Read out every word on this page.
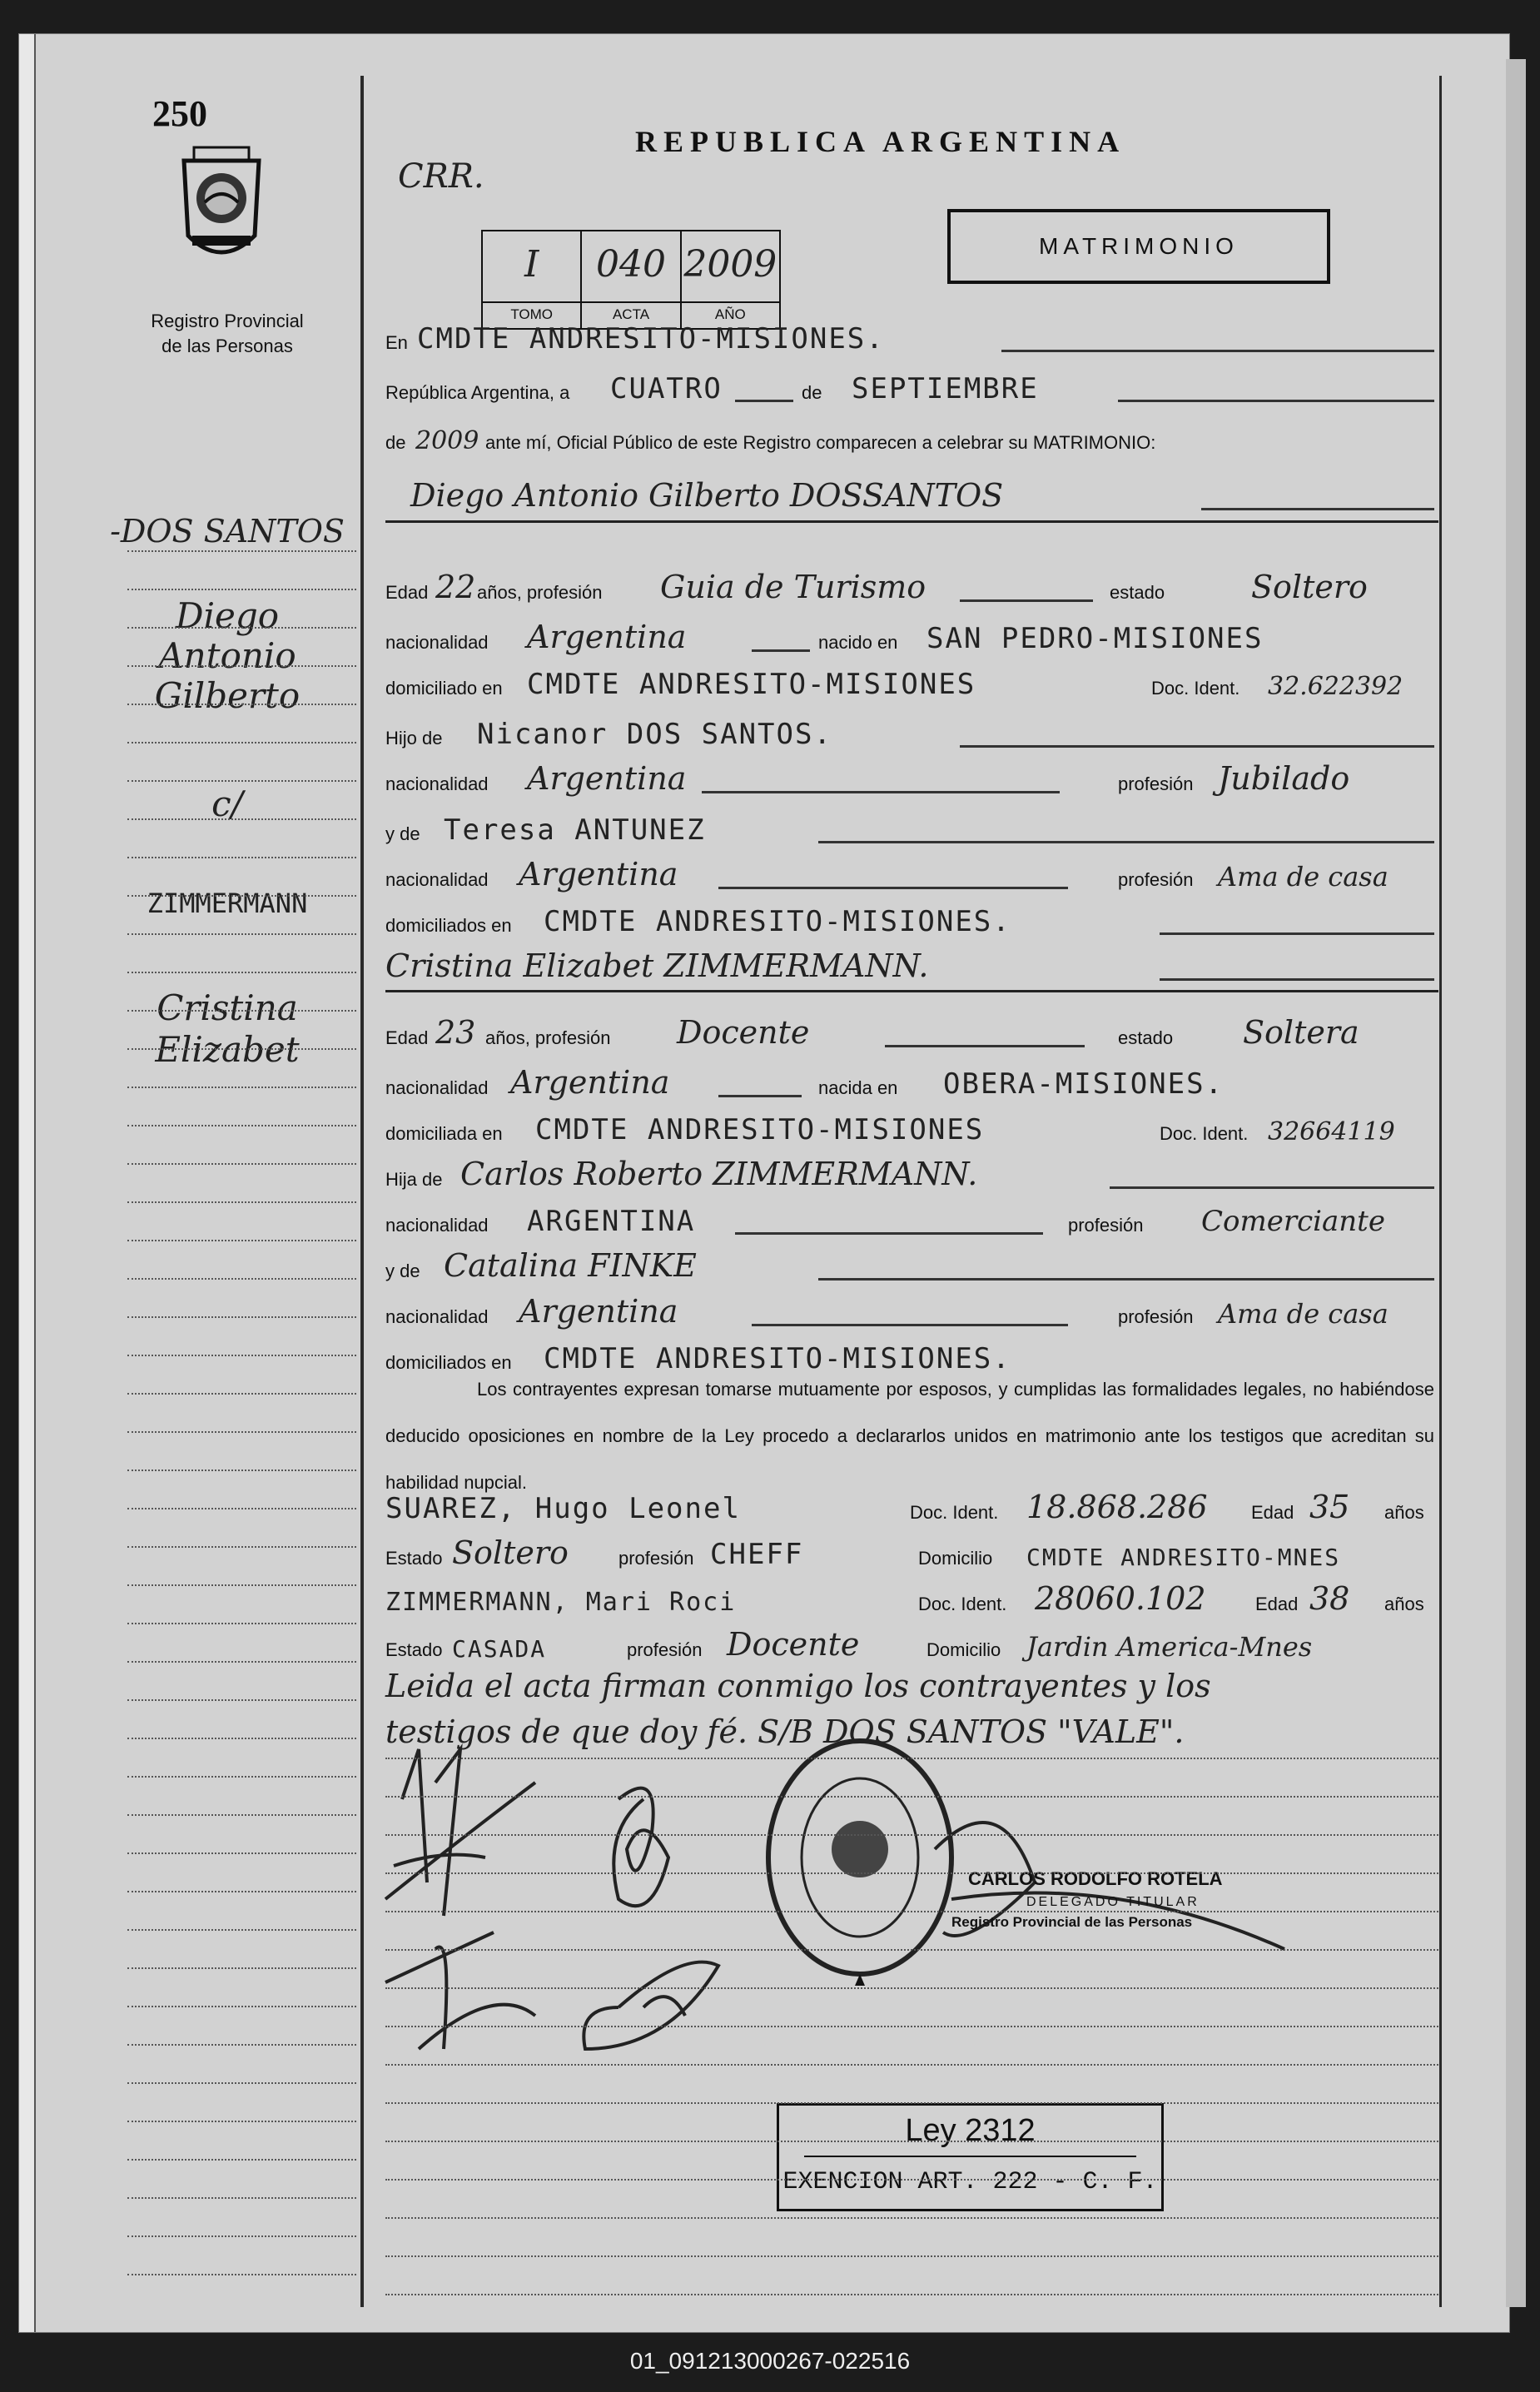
250
Registro Provincial
de las Personas
CRR.
REPUBLICA ARGENTINA
MATRIMONIO
I
TOMO
040
ACTA
2009
AÑO
En CMDTE ANDRESITO-MISIONES.
República Argentina, a CUATRO	de SEPTIEMBRE
de 2009 ante mí, Oficial Público de este Registro comparecen a celebrar su MATRIMONIO:
Diego Antonio Gilberto DOSSANTOS
Edad 22 años, profesión Guia de Turismo	estado	Soltero
nacionalidad Argentina	nacido en SAN PEDRO-MISIONES
domiciliado en CMDTE ANDRESITO-MISIONES	Doc. Ident. 32.622392
Hijo de Nicanor DOS SANTOS.
nacionalidad Argentina	profesión Jubilado
y de Teresa ANTUNEZ
nacionalidad Argentina	profesión Ama de casa
domiciliados en CMDTE ANDRESITO-MISIONES.
Cristina Elizabet ZIMMERMANN.
Edad 23 años, profesión Docente	estado Soltera
nacionalidad Argentina	nacida en OBERA-MISIONES.
domiciliada en CMDTE ANDRESITO-MISIONES	Doc. Ident. 32664119
Hija de Carlos Roberto ZIMMERMANN.
nacionalidad ARGENTINA	profesión Comerciante
y de Catalina FINKE
nacionalidad Argentina	profesión Ama de casa
domiciliados en CMDTE ANDRESITO-MISIONES.
Los contrayentes expresan tomarse mutuamente por esposos, y cumplidas las formalidades legales, no habiéndose deducido oposiciones en nombre de la Ley procedo a declararlos unidos en matrimonio ante los testigos que acreditan su habilidad nupcial.
SUAREZ, Hugo Leonel	Doc. Ident. 18.868.286 Edad 35 años
Estado Soltero	profesión CHEFF	Domicilio CMDTE ANDRESITO-MNES
ZIMMERMANN, Mari Roci	Doc. Ident. 28060.102	Edad 38 años
Estado CASADA	profesión Docente	Domicilio Jardin America-Mnes
Leida el acta firman conmigo los contrayentes y los
testigos de que doy fé. S/B DOS SANTOS "VALE".
CARLOS RODOLFO ROTELA
DELEGADO TITULAR
Registro Provincial de las Personas
Ley 2312
EXENCION ART. 222 - C. F.
-DOS SANTOS
Diego
Antonio
Gilberto
c/
ZIMMERMANN
Cristina
Elizabet
01_091213000267-022516
